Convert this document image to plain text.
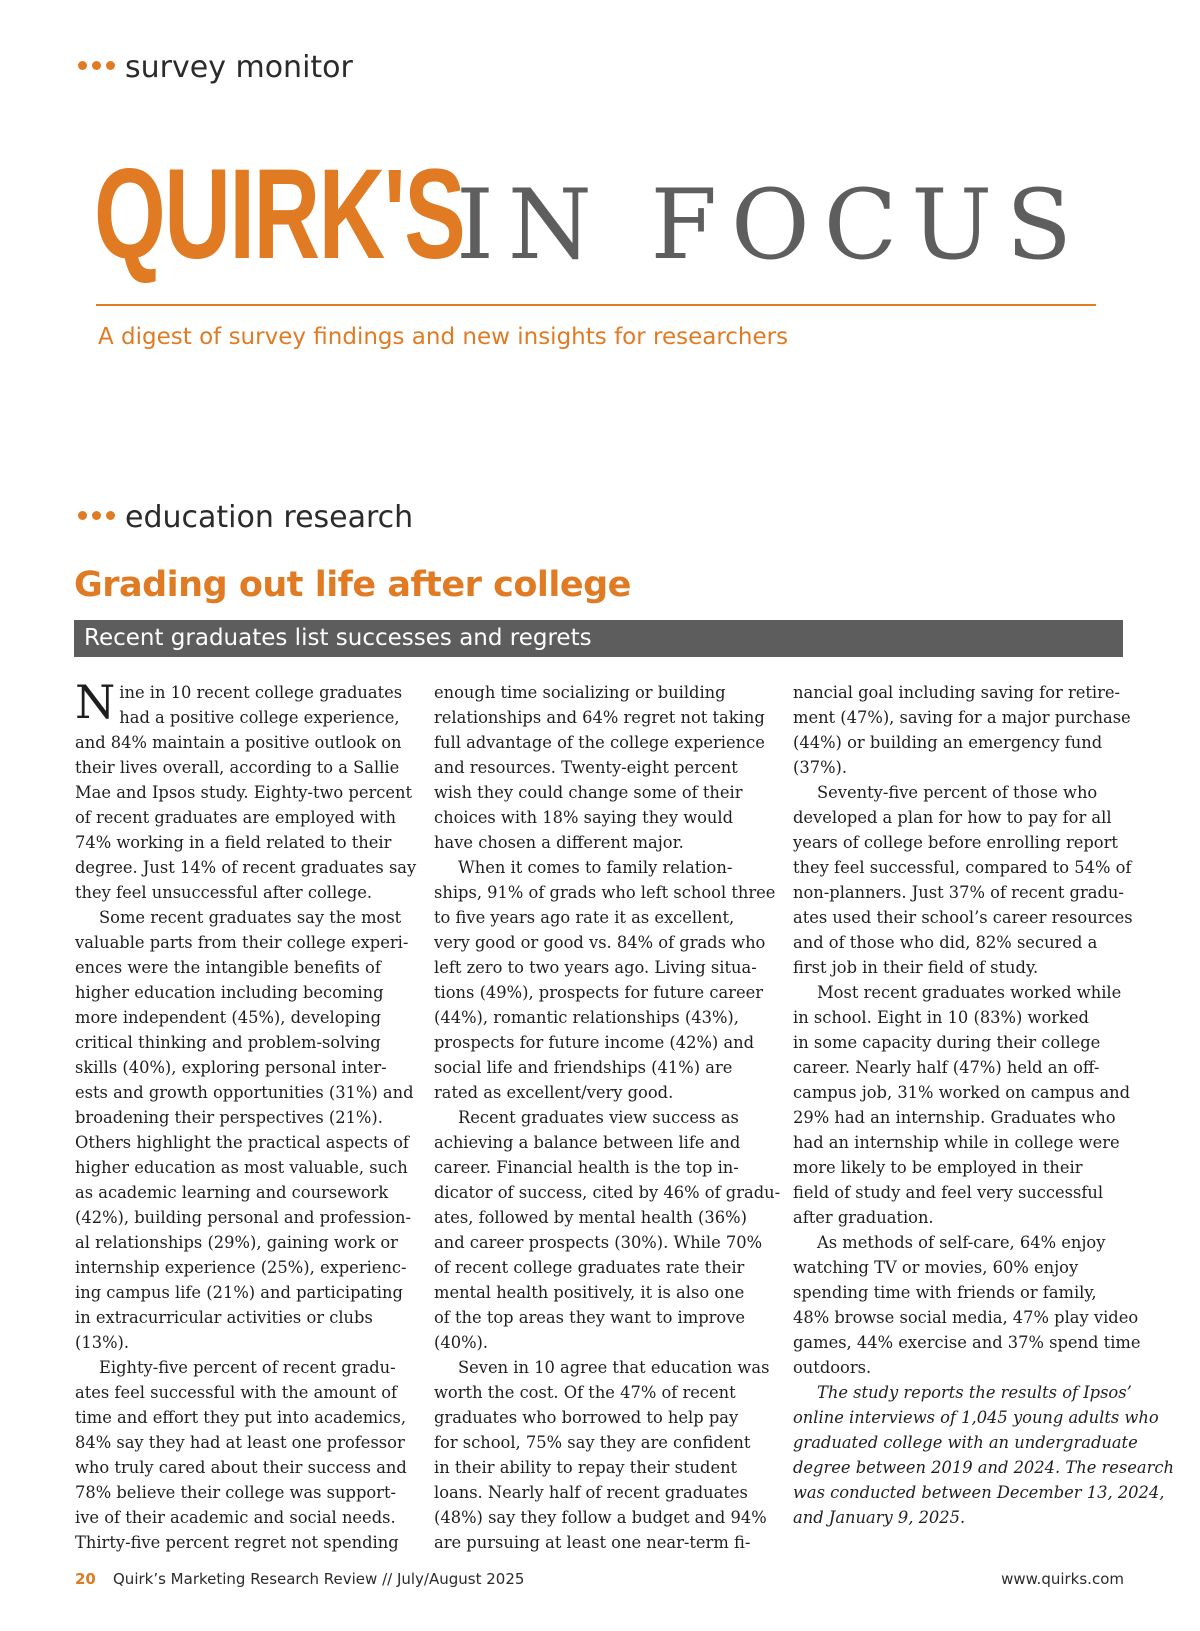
survey monitor
QUIRK'S
IN FOCUS
A digest of survey findings and new insights for researchers
education research
Grading out life after college
Recent graduates list successes and regrets
N ine in 10 recent college graduates
had a positive college experience,
and 84% maintain a positive outlook on
their lives overall, according to a Sallie
Mae and Ipsos study. Eighty-two percent
of recent graduates are employed with
74% working in a field related to their
degree. Just 14% of recent graduates say
they feel unsuccessful after college.
Some recent graduates say the most
valuable parts from their college experi-
ences were the intangible benefits of
higher education including becoming
more independent (45%), developing
critical thinking and problem-solving
skills (40%), exploring personal inter-
ests and growth opportunities (31%) and
broadening their perspectives (21%).
Others highlight the practical aspects of
higher education as most valuable, such
as academic learning and coursework
(42%), building personal and profession-
al relationships (29%), gaining work or
internship experience (25%), experienc-
ing campus life (21%) and participating
in extracurricular activities or clubs
(13%).
Eighty-five percent of recent gradu-
ates feel successful with the amount of
time and effort they put into academics,
84% say they had at least one professor
who truly cared about their success and
78% believe their college was support-
ive of their academic and social needs.
Thirty-five percent regret not spending
enough time socializing or building
relationships and 64% regret not taking
full advantage of the college experience
and resources. Twenty-eight percent
wish they could change some of their
choices with 18% saying they would
have chosen a different major.
When it comes to family relation-
ships, 91% of grads who left school three
to five years ago rate it as excellent,
very good or good vs. 84% of grads who
left zero to two years ago. Living situa-
tions (49%), prospects for future career
(44%), romantic relationships (43%),
prospects for future income (42%) and
social life and friendships (41%) are
rated as excellent/very good.
Recent graduates view success as
achieving a balance between life and
career. Financial health is the top in-
dicator of success, cited by 46% of gradu-
ates, followed by mental health (36%)
and career prospects (30%). While 70%
of recent college graduates rate their
mental health positively, it is also one
of the top areas they want to improve
(40%).
Seven in 10 agree that education was
worth the cost. Of the 47% of recent
graduates who borrowed to help pay
for school, 75% say they are confident
in their ability to repay their student
loans. Nearly half of recent graduates
(48%) say they follow a budget and 94%
are pursuing at least one near-term fi-
nancial goal including saving for retire-
ment (47%), saving for a major purchase
(44%) or building an emergency fund
(37%).
Seventy-five percent of those who
developed a plan for how to pay for all
years of college before enrolling report
they feel successful, compared to 54% of
non-planners. Just 37% of recent gradu-
ates used their school’s career resources
and of those who did, 82% secured a
first job in their field of study.
Most recent graduates worked while
in school. Eight in 10 (83%) worked
in some capacity during their college
career. Nearly half (47%) held an off-
campus job, 31% worked on campus and
29% had an internship. Graduates who
had an internship while in college were
more likely to be employed in their
field of study and feel very successful
after graduation.
As methods of self-care, 64% enjoy
watching TV or movies, 60% enjoy
spending time with friends or family,
48% browse social media, 47% play video
games, 44% exercise and 37% spend time
outdoors.
The study reports the results of Ipsos’
online interviews of 1,045 young adults who
graduated college with an undergraduate
degree between 2019 and 2024. The research
was conducted between December 13, 2024,
and January 9, 2025.
20 Quirk’s Marketing Research Review // July/August 2025	www.quirks.com
